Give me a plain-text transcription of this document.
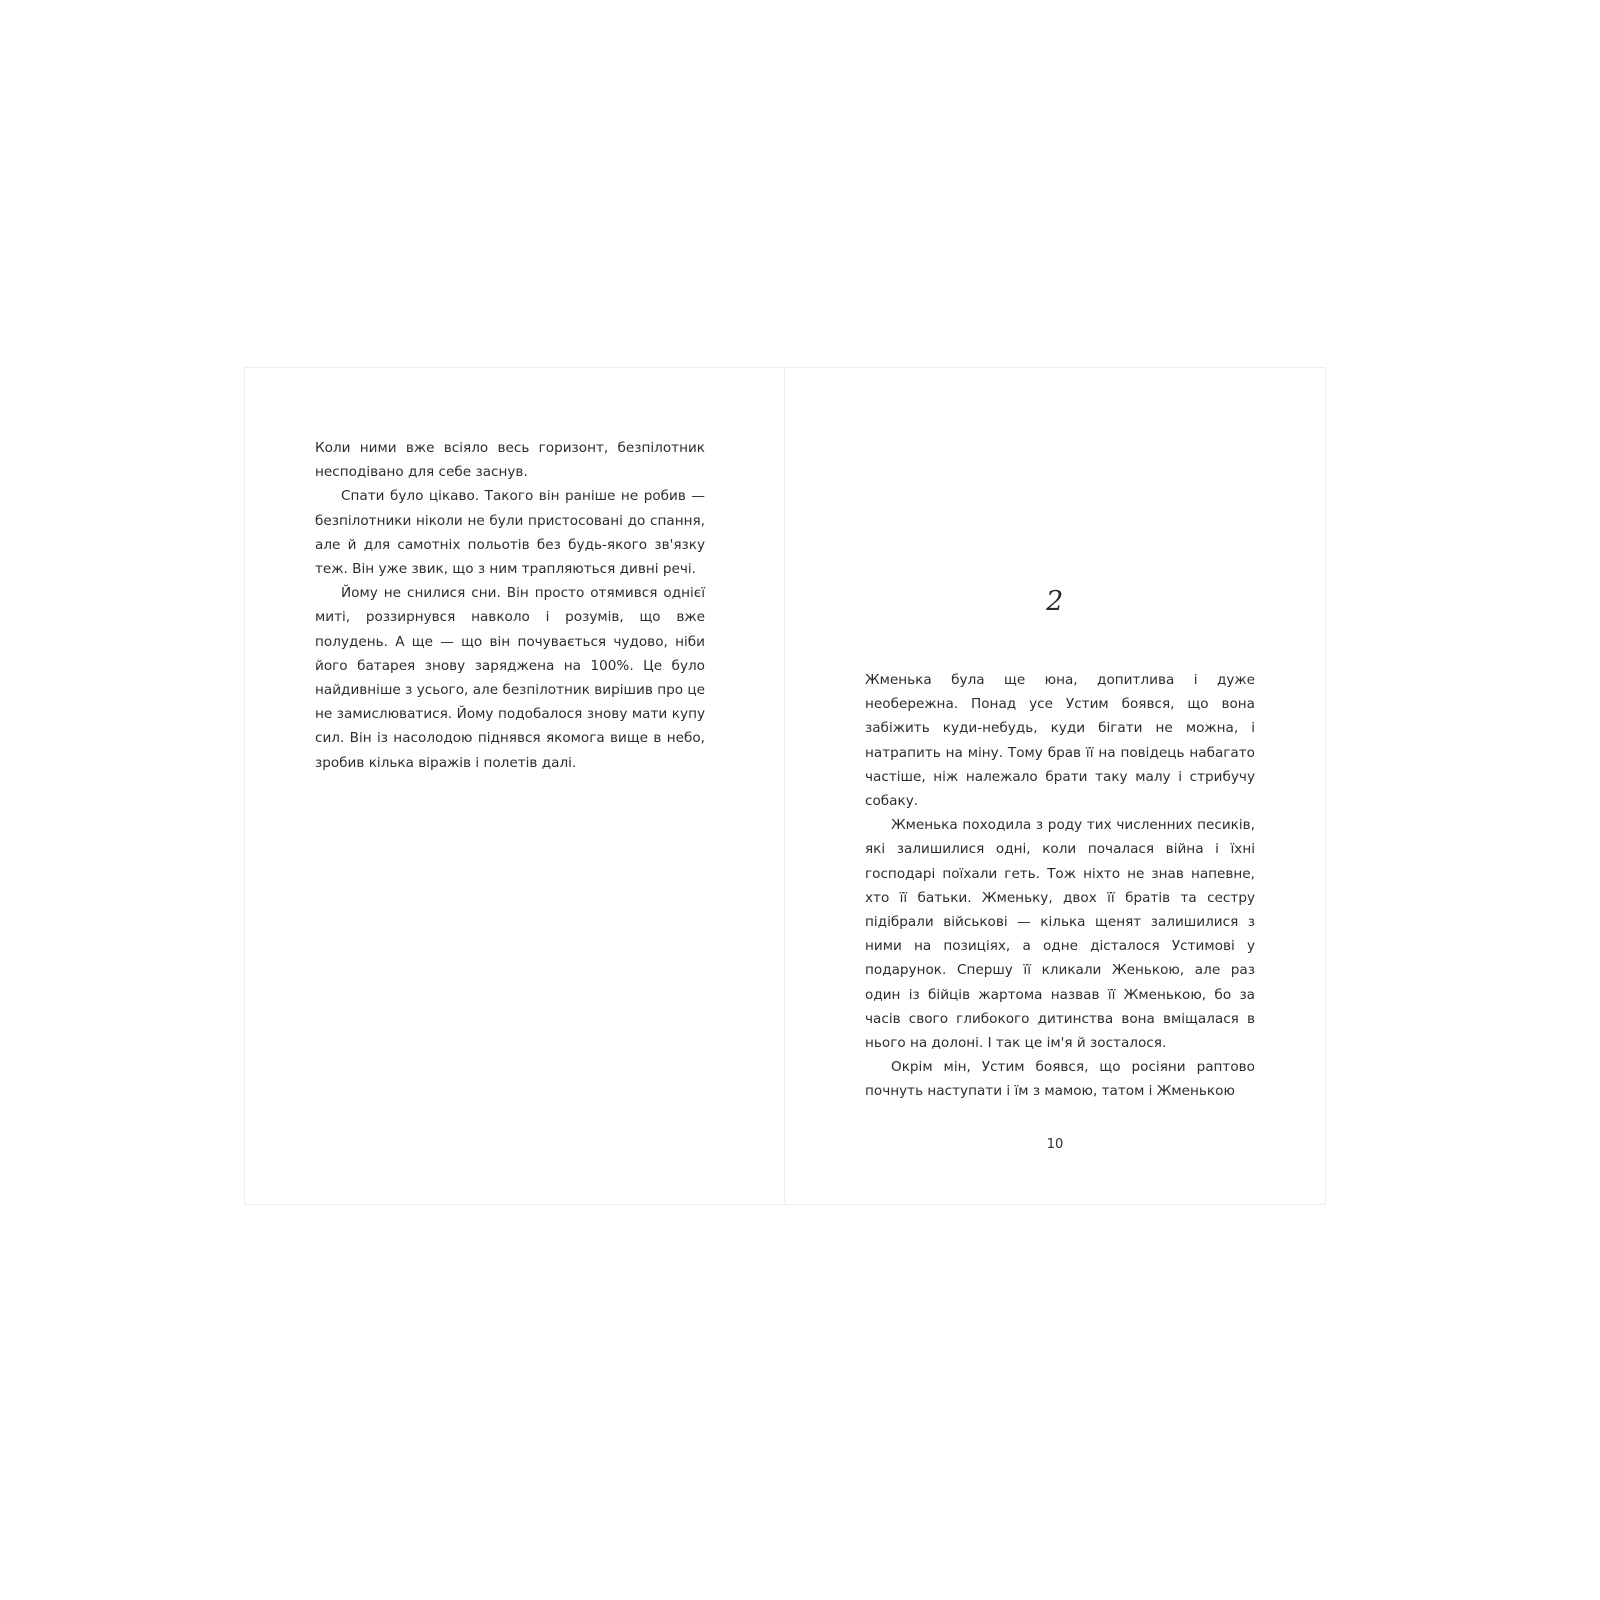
Коли ними вже всіяло весь горизонт, безпілотник несподівано для себе заснув.

Спати було цікаво. Такого він раніше не робив — безпілотники ніколи не були пристосовані до спання, але й для самотніх польотів без будь-якого зв'язку теж. Він уже звик, що з ним трапляються дивні речі.

Йому не снилися сни. Він просто отямився однієї миті, роззирнувся навколо і розумів, що вже полудень. А ще — що він почувається чудово, ніби його батарея знову заряджена на 100%. Це було найдивніше з усього, але безпілотник вирішив про це не замислюватися. Йому подобалося знову мати купу сил. Він із насолодою піднявся якомога вище в небо, зробив кілька віражів і полетів далі.

2

Жменька була ще юна, допитлива і дуже необережна. Понад усе Устим боявся, що вона забіжить куди-небудь, куди бігати не можна, і натрапить на міну. Тому брав її на повідець набагато частіше, ніж належало брати таку малу і стрибучу собаку.

Жменька походила з роду тих численних песиків, які залишилися одні, коли почалася війна і їхні господарі поїхали геть. Тож ніхто не знав напевне, хто її батьки. Жменьку, двох її братів та сестру підібрали військові — кілька щенят залишилися з ними на позиціях, а одне дісталося Устимові у подарунок. Спершу її кликали Женькою, але раз один із бійців жартома назвав її Жменькою, бо за часів свого глибокого дитинства вона вміщалася в нього на долоні. І так це ім'я й зосталося.

Окрім мін, Устим боявся, що росіяни раптово почнуть наступати і їм з мамою, татом і Жменькою

10
